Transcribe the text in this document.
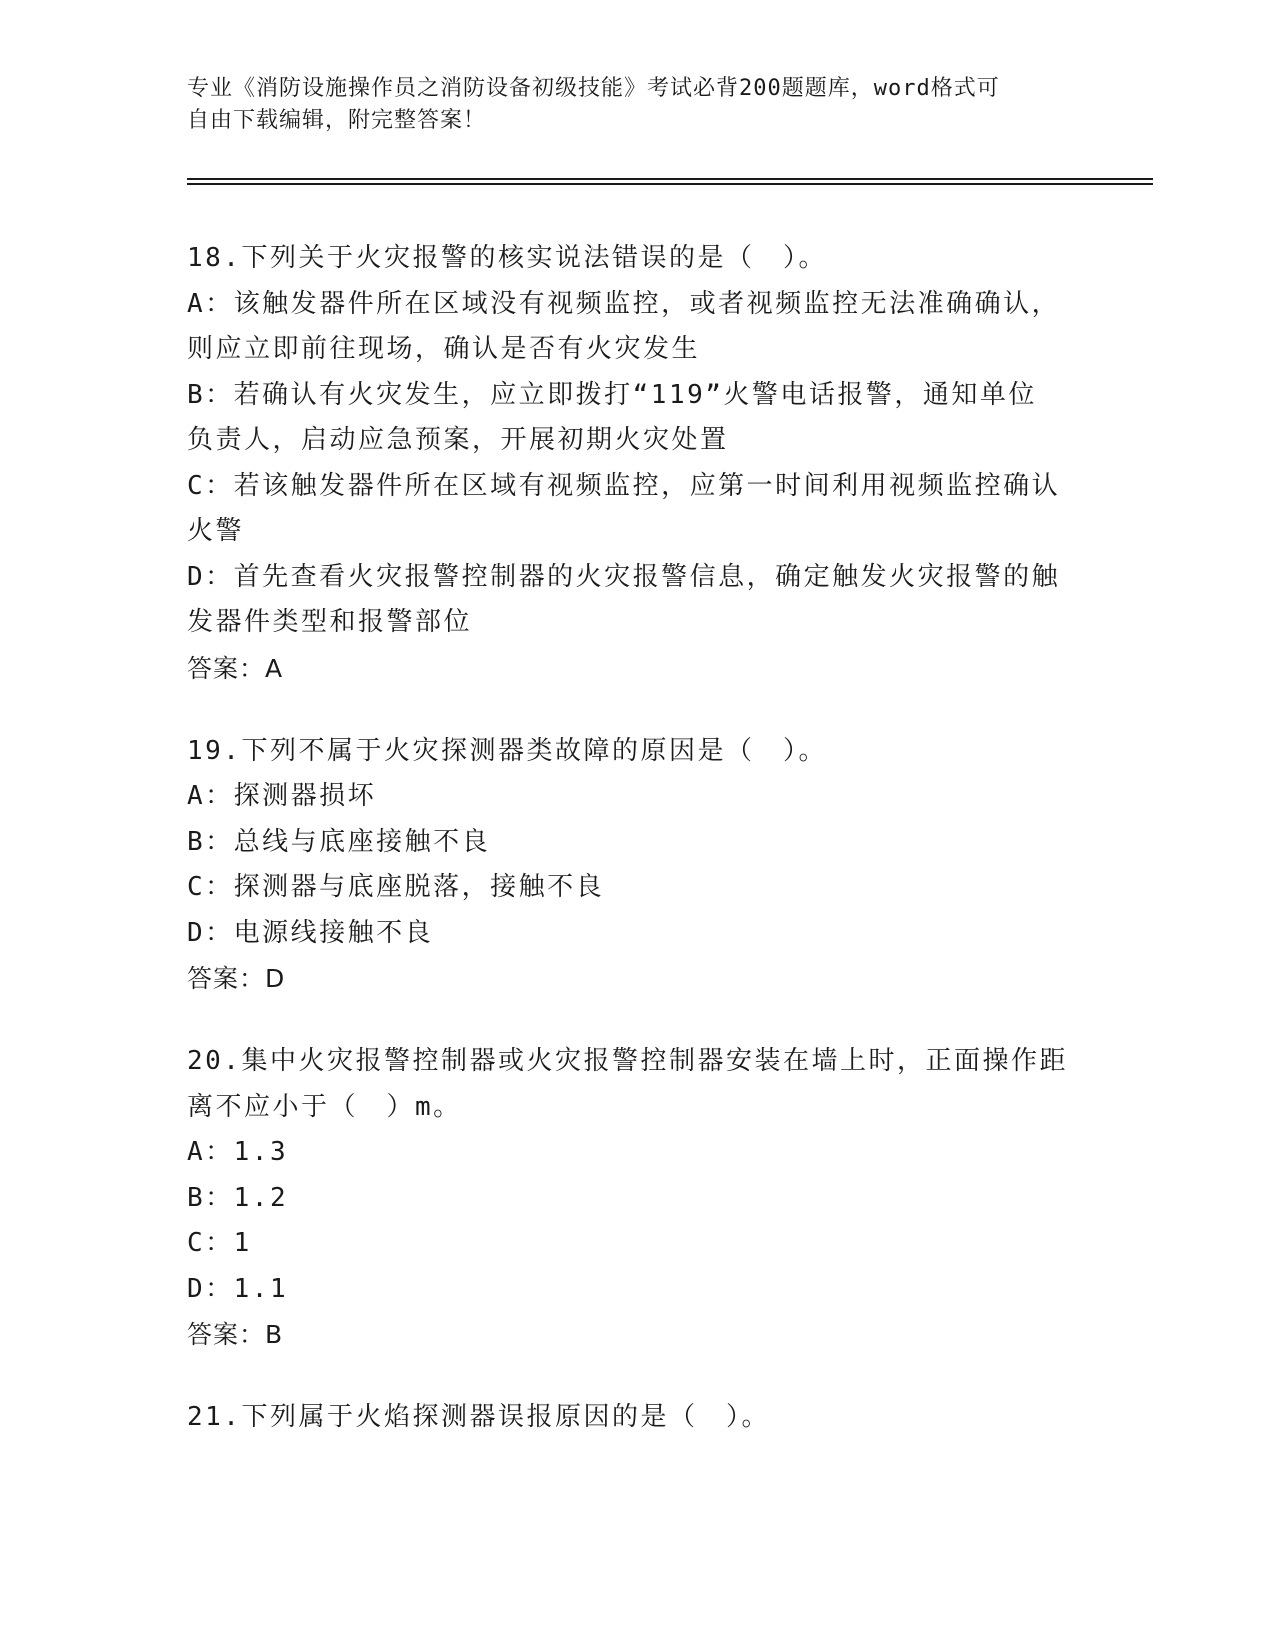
专业《消防设施操作员之消防设备初级技能》考试必背200题题库，word格式可
自由下载编辑，附完整答案！
18.下列关于火灾报警的核实说法错误的是（　）。
A：该触发器件所在区域没有视频监控，或者视频监控无法准确确认，
则应立即前往现场，确认是否有火灾发生
B：若确认有火灾发生，应立即拨打“119”火警电话报警，通知单位
负责人，启动应急预案，开展初期火灾处置
C：若该触发器件所在区域有视频监控，应第一时间利用视频监控确认
火警
D：首先查看火灾报警控制器的火灾报警信息，确定触发火灾报警的触
发器件类型和报警部位
答案：A
19.下列不属于火灾探测器类故障的原因是（　）。
A：探测器损坏
B：总线与底座接触不良
C：探测器与底座脱落，接触不良
D：电源线接触不良
答案：D
20.集中火灾报警控制器或火灾报警控制器安装在墙上时，正面操作距
离不应小于（　）m。
A：1.3
B：1.2
C：1
D：1.1
答案：B
21.下列属于火焰探测器误报原因的是（　）。
